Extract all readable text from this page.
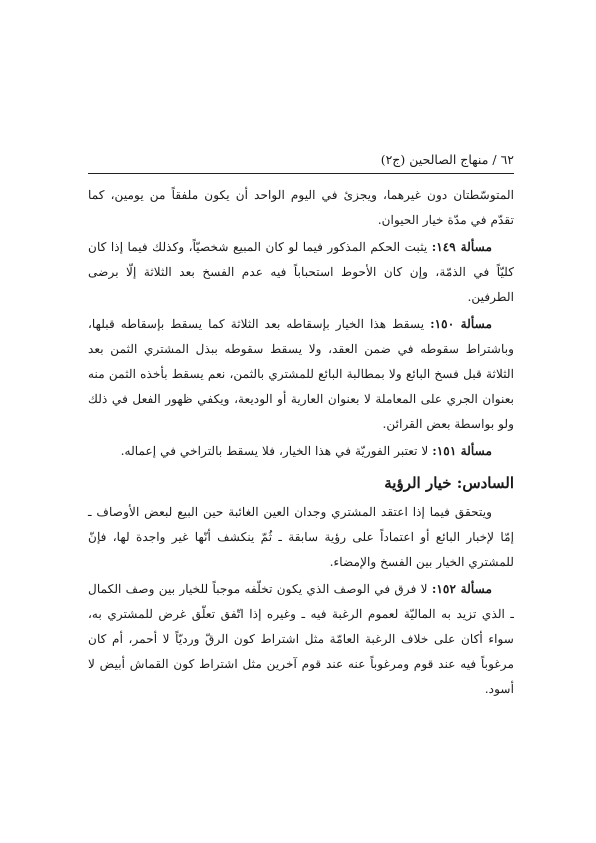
٦٢ / منهاج الصالحين (ج٢)

المتوسّطتان دون غيرهما، ويجزئ في اليوم الواحد أن يكون ملفقاً من يومين، كما تقدّم في مدّة خيار الحيوان.

مسألة ١٤٩: يثبت الحكم المذكور فيما لو كان المبيع شخصيّاً، وكذلك فيما إذا كان كليّاً في الذمّة، وإن كان الأحوط استحباباً فيه عدم الفسخ بعد الثلاثة إلّا برضى الطرفين.

مسألة ١٥٠: يسقط هذا الخيار بإسقاطه بعد الثلاثة كما يسقط بإسقاطه قبلها، وباشتراط سقوطه في ضمن العقد، ولا يسقط سقوطه ببذل المشتري الثمن بعد الثلاثة قبل فسخ البائع ولا بمطالبة البائع للمشتري بالثمن، نعم يسقط بأخذه الثمن منه بعنوان الجري على المعاملة لا بعنوان العارية أو الوديعة، ويكفي ظهور الفعل في ذلك ولو بواسطة بعض القرائن.

مسألة ١٥١: لا تعتبر الفوريّة في هذا الخيار، فلا يسقط بالتراخي في إعماله.

السادس: خيار الرؤية

ويتحقق فيما إذا اعتقد المشتري وجدان العين الغائبة حين البيع لبعض الأوصاف ـ إمّا لإخبار البائع أو اعتماداً على رؤية سابقة ـ ثُمّ ينكشف أنّها غير واجدة لها، فإنّ للمشتري الخيار بين الفسخ والإمضاء.

مسألة ١٥٢: لا فرق في الوصف الذي يكون تخلّفه موجباً للخيار بين وصف الكمال ـ الذي تزيد به الماليّة لعموم الرغبة فيه ـ وغيره إذا اتّفق تعلّق غرض للمشتري به، سواء أكان على خلاف الرغبة العامّة مثل اشتراط كون الرقّ ورديّاً لا أحمر، أم كان مرغوباً فيه عند قوم ومرغوباً عنه عند قوم آخرين مثل اشتراط كون القماش أبيض لا أسود.
